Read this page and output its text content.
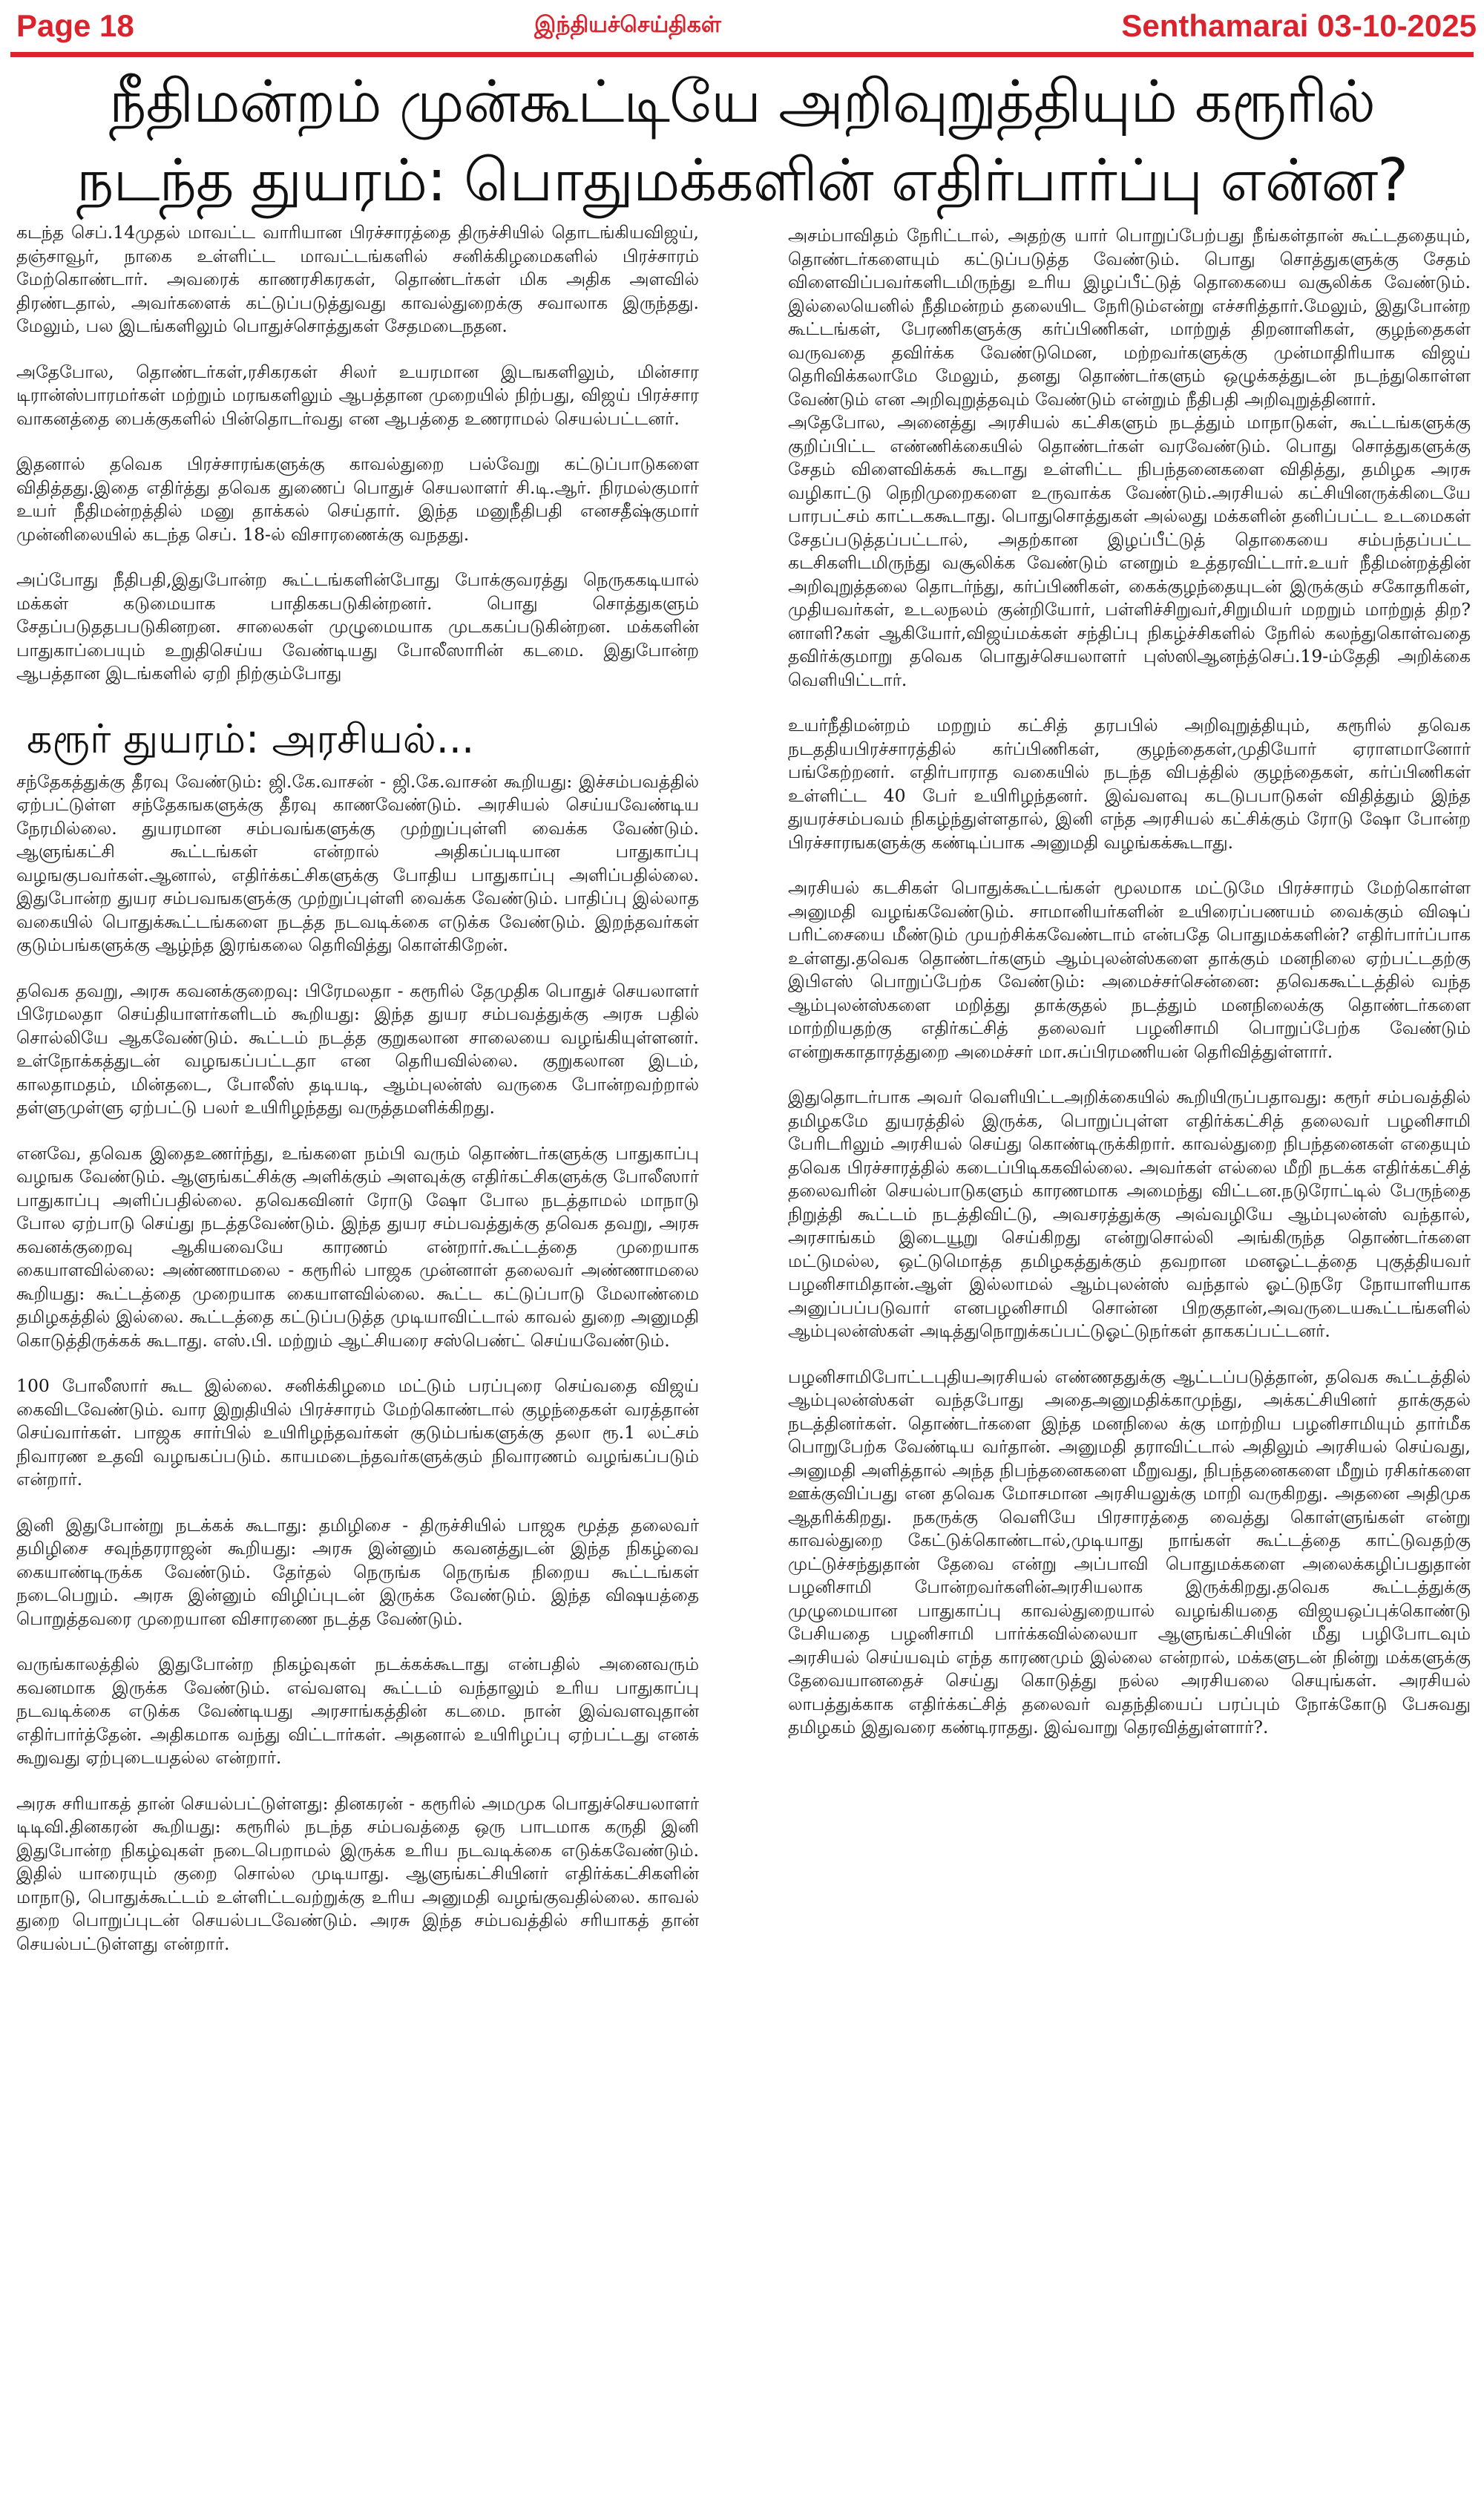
Page 18	இந்தியச்செய்திகள்	Senthamarai 03-10-2025
நீதிமன்றம் முன்கூட்டியே அறிவுறுத்தியும் கரூரில்
நடந்த துயரம்: பொதுமக்களின் எதிர்பார்ப்பு என்ன?

கடந்த செப்.14முதல் மாவட்ட வாரியான பிரச்சாரத்தை திருச்சியில் தொடங்கியவிஜய், தஞ்சாவூர், நாகை உள்ளிட்ட மாவட்டங்களில் சனிக்கிழமைகளில் பிரச்சாரம் மேற்கொண்டார். அவரைக் காணரசிகரகள், தொண்டர்கள் மிக அதிக அளவில் திரண்டதால், அவர்களைக் கட்டுப்படுத்துவது காவல்துறைக்கு சவாலாக இருந்தது. மேலும், பல இடங்களிலும் பொதுச்சொத்துகள் சேதமடைநதன.

அதேபோல, தொண்டர்கள்,ரசிகரகள் சிலர் உயரமான இடஙகளிலும், மின்சார டிரான்ஸ்பாரமர்கள் மற்றும் மரஙகளிலும் ஆபத்தான முறையில் நிற்பது, விஜய் பிரச்சார வாகனத்தை பைக்குகளில் பின்தொடர்வது என ஆபத்தை உணராமல் செயல்பட்டனர்.

இதனால் தவெக பிரச்சாரங்களுக்கு காவல்துறை பல்வேறு கட்டுப்பாடுகளை விதித்தது.இதை எதிர்த்து தவெக துணைப் பொதுச் செயலாளர் சி.டி.ஆர். நிரமல்குமார் உயர் நீதிமன்றத்தில் மனு தாக்கல் செய்தார். இந்த மனுநீதிபதி எனசதீஷ்குமார் முன்னிலையில் கடந்த செப். 18-ல் விசாரணைக்கு வநதது.

அப்போது நீதிபதி,இதுபோன்ற கூட்டங்களின்போது போக்குவரத்து நெருககடியால் மக்கள் கடுமையாக பாதிககபடுகின்றனர். பொது சொத்துகளும் சேதப்படுததபபடுகினறன. சாலைகள் முழுமையாக முடககப்படுகின்றன. மக்களின் பாதுகாப்பையும் உறுதிசெய்ய வேண்டியது போலீஸாரின் கடமை. இதுபோன்ற ஆபத்தான இடங்களில் ஏறி நிற்கும்போது

கரூர் துயரம்: அரசியல்...

சந்தேகத்துக்கு தீரவு வேண்டும்: ஜி.கே.வாசன் - ஜி.கே.வாசன் கூறியது: இச்சம்பவத்தில் ஏற்பட்டுள்ள சந்தேகஙகளுக்கு தீரவு காணவேண்டும். அரசியல் செய்யவேண்டிய நேரமில்லை. துயரமான சம்பவங்களுக்கு முற்றுப்புள்ளி வைக்க வேண்டும். ஆளுங்கட்சி கூட்டங்கள் என்றால் அதிகப்படியான பாதுகாப்பு வழஙகுபவர்கள்.ஆனால், எதிர்க்கட்சிகளுக்கு போதிய பாதுகாப்பு அளிப்பதில்லை. இதுபோன்ற துயர சம்பவஙகளுக்கு முற்றுப்புள்ளி வைக்க வேண்டும். பாதிப்பு இல்லாத வகையில் பொதுக்கூட்டங்களை நடத்த நடவடிக்கை எடுக்க வேண்டும். இறந்தவர்கள் குடும்பங்களுக்கு ஆழ்ந்த இரங்கலை தெரிவித்து கொள்கிறேன்.

தவெக தவறு, அரசு கவனக்குறைவு: பிரேமலதா - கரூரில் தேமுதிக பொதுச் செயலாளர் பிரேமலதா செய்தியாளர்களிடம் கூறியது: இந்த துயர சம்பவத்துக்கு அரசு பதில் சொல்லியே ஆகவேண்டும். கூட்டம் நடத்த குறுகலான சாலையை வழங்கியுள்ளனர். உள்நோக்கத்துடன் வழஙகப்பட்டதா என தெரியவில்லை. குறுகலான இடம், காலதாமதம், மின்தடை, போலீஸ் தடியடி, ஆம்புலன்ஸ் வருகை போன்றவற்றால் தள்ளுமுள்ளு ஏற்பட்டு பலர் உயிரிழந்தது வருத்தமளிக்கிறது.

எனவே, தவெக இதைஉணர்ந்து, உங்களை நம்பி வரும் தொண்டர்களுக்கு பாதுகாப்பு வழஙக வேண்டும். ஆளுங்கட்சிக்கு அளிக்கும் அளவுக்கு எதிர்கட்சிகளுக்கு போலீஸார் பாதுகாப்பு அளிப்பதில்லை. தவெகவினர் ரோடு ஷோ போல நடத்தாமல் மாநாடு போல ஏற்பாடு செய்து நடத்தவேண்டும். இந்த துயர சம்பவத்துக்கு தவெக தவறு, அரசு கவனக்குறைவு ஆகியவையே காரணம் என்றார்.கூட்டத்தை முறையாக கையாளவில்லை: அண்ணாமலை - கரூரில் பாஜக முன்னாள் தலைவர் அண்ணாமலை கூறியது: கூட்டத்தை முறையாக கையாளவில்லை. கூட்ட கட்டுப்பாடு மேலாண்மை தமிழகத்தில் இல்லை. கூட்டத்தை கட்டுப்படுத்த முடியாவிட்டால் காவல் துறை அனுமதி கொடுத்திருக்கக் கூடாது. எஸ்.பி. மற்றும் ஆட்சியரை சஸ்பெண்ட் செய்யவேண்டும்.

100 போலீஸார் கூட இல்லை. சனிக்கிழமை மட்டும் பரப்புரை செய்வதை விஜய் கைவிடவேண்டும். வார இறுதியில் பிரச்சாரம் மேற்கொண்டால் குழந்தைகள் வரத்தான் செய்வார்கள். பாஜக சார்பில் உயிரிழந்தவர்கள் குடும்பங்களுக்கு தலா ரூ.1 லட்சம் நிவாரண உதவி வழஙகப்படும். காயமடைந்தவர்களுக்கும் நிவாரணம் வழங்கப்படும் என்றார்.

இனி இதுபோன்று நடக்கக் கூடாது: தமிழிசை - திருச்சியில் பாஜக மூத்த தலைவர் தமிழிசை சவுந்தரராஜன் கூறியது: அரசு இன்னும் கவனத்துடன் இந்த நிகழ்வை கையாண்டிருக்க வேண்டும். தேர்தல் நெருங்க நெருங்க நிறைய கூட்டங்கள் நடைபெறும். அரசு இன்னும் விழிப்புடன் இருக்க வேண்டும். இந்த விஷயத்தை பொறுத்தவரை முறையான விசாரணை நடத்த வேண்டும்.

வருங்காலத்தில் இதுபோன்ற நிகழ்வுகள் நடக்கக்கூடாது என்பதில் அனைவரும் கவனமாக இருக்க வேண்டும். எவ்வளவு கூட்டம் வந்தாலும் உரிய பாதுகாப்பு நடவடிக்கை எடுக்க வேண்டியது அரசாங்கத்தின் கடமை. நான் இவ்வளவுதான் எதிர்பார்த்தேன். அதிகமாக வந்து விட்டார்கள். அதனால் உயிரிழப்பு ஏற்பட்டது எனக் கூறுவது ஏற்புடையதல்ல என்றார்.

அரசு சரியாகத் தான் செயல்பட்டுள்ளது: தினகரன் - கரூரில் அமமுக பொதுச்செயலாளர் டிடிவி.தினகரன் கூறியது: கரூரில் நடந்த சம்பவத்தை ஒரு பாடமாக கருதி இனி இதுபோன்ற நிகழ்வுகள் நடைபெறாமல் இருக்க உரிய நடவடிக்கை எடுக்கவேண்டும். இதில் யாரையும் குறை சொல்ல முடியாது. ஆளுங்கட்சியினர் எதிர்க்கட்சிகளின் மாநாடு, பொதுக்கூட்டம் உள்ளிட்டவற்றுக்கு உரிய அனுமதி வழங்குவதில்லை. காவல் துறை பொறுப்புடன் செயல்படவேண்டும். அரசு இந்த சம்பவத்தில் சரியாகத் தான் செயல்பட்டுள்ளது என்றார்.

அசம்பாவிதம் நேரிட்டால், அதற்கு யார் பொறுப்பேற்பது நீங்கள்தான் கூட்டததையும், தொண்டர்களையும் கட்டுப்படுத்த வேண்டும். பொது சொத்துகளுக்கு சேதம் விளைவிப்பவர்களிடமிருந்து உரிய இழப்பீட்டுத் தொகையை வசூலிக்க வேண்டும். இல்லையெனில் நீதிமன்றம் தலையிட நேரிடும்என்று எச்சரித்தார்.மேலும், இதுபோன்ற கூட்டங்கள், பேரணிகளுக்கு கர்ப்பிணிகள், மாற்றுத் திறனாளிகள், குழந்தைகள் வருவதை தவிர்க்க வேண்டுமென, மற்றவர்களுக்கு முன்மாதிரியாக விஜய் தெரிவிக்கலாமே மேலும், தனது தொண்டர்களும் ஒழுக்கத்துடன் நடந்துகொள்ள வேண்டும் என அறிவுறுத்தவும் வேண்டும் என்றும் நீதிபதி அறிவுறுத்தினார்.

அதேபோல, அனைத்து அரசியல் கட்சிகளும் நடத்தும் மாநாடுகள், கூட்டங்களுக்கு குறிப்பிட்ட எண்ணிக்கையில் தொண்டர்கள் வரவேண்டும். பொது சொத்துகளுக்கு சேதம் விளைவிக்கக் கூடாது உள்ளிட்ட நிபந்தனைகளை விதித்து, தமிழக அரசு வழிகாட்டு நெறிமுறைகளை உருவாக்க வேண்டும்.அரசியல் கட்சியினருக்கிடையே பாரபட்சம் காட்டககூடாது. பொதுசொத்துகள் அல்லது மக்களின் தனிப்பட்ட உடமைகள் சேதப்படுத்தப்பட்டால், அதற்கான இழப்பீட்டுத் தொகையை சம்பந்தப்பட்ட கடசிகளிடமிருந்து வசூலிக்க வேண்டும் எனறும் உத்தரவிட்டார்.உயர் நீதிமன்றத்தின் அறிவுறுத்தலை தொடர்ந்து, கர்ப்பிணிகள், கைக்குழந்தையுடன் இருக்கும் சகோதரிகள், முதியவர்கள், உடலநலம் குன்றியோர், பள்ளிச்சிறுவர்,சிறுமியர் மறறும் மாற்றுத் திற?னாளி?கள் ஆகியோர்,விஜய்மக்கள் சந்திப்பு நிகழ்ச்சிகளில் நேரில் கலந்துகொள்வதை தவிர்க்குமாறு தவெக பொதுச்செயலாளர் புஸ்ஸிஆனந்த்செப்.19-ம்தேதி அறிக்கை வெளியிட்டார்.

உயர்நீதிமன்றம் மறறும் கட்சித் தரபபில் அறிவுறுத்தியும், கரூரில் தவெக நடததியபிரச்சாரத்தில் கர்ப்பிணிகள், குழந்தைகள்,முதியோர் ஏராளமானோர் பங்கேற்றனர். எதிர்பாராத வகையில் நடந்த விபத்தில் குழந்தைகள், கர்ப்பிணிகள் உள்ளிட்ட 40 பேர் உயிரிழந்தனர். இவ்வளவு கடடுபபாடுகள் விதித்தும் இந்த துயரச்சம்பவம் நிகழ்ந்துள்ளதால், இனி எந்த அரசியல் கட்சிக்கும் ரோடு ஷோ போன்ற பிரச்சாரஙகளுக்கு கண்டிப்பாக அனுமதி வழங்கக்கூடாது.

அரசியல் கடசிகள் பொதுக்கூட்டங்கள் மூலமாக மட்டுமே பிரச்சாரம் மேற்கொள்ள அனுமதி வழங்கவேண்டும். சாமானியர்களின் உயிரைப்பணயம் வைக்கும் விஷப் பரிட்சையை மீண்டும் முயற்சிக்கவேண்டாம் என்பதே பொதுமக்களின்? எதிர்பார்ப்பாக உள்ளது.தவெக தொண்டர்களும் ஆம்புலன்ஸ்களை தாக்கும் மனநிலை ஏற்பட்டதற்கு இபிஎஸ் பொறுப்பேற்க வேண்டும்: அமைச்சர்சென்னை: தவெககூட்டத்தில் வந்த ஆம்புலன்ஸ்களை மறித்து தாக்குதல் நடத்தும் மனநிலைக்கு தொண்டர்களை மாற்றியதற்கு எதிர்கட்சித் தலைவர் பழனிசாமி பொறுப்பேற்க வேண்டும் என்றுசுகாதாரத்துறை அமைச்சர் மா.சுப்பிரமணியன் தெரிவித்துள்ளார்.

இதுதொடர்பாக அவர் வெளியிட்டஅறிக்கையில் கூறியிருப்பதாவது: கரூர் சம்பவத்தில் தமிழகமே துயரத்தில் இருக்க, பொறுப்புள்ள எதிர்க்கட்சித் தலைவர் பழனிசாமி பேரிடரிலும் அரசியல் செய்து கொண்டிருக்கிறார். காவல்துறை நிபந்தனைகள் எதையும் தவெக பிரச்சாரத்தில் கடைப்பிடிககவில்லை. அவர்கள் எல்லை மீறி நடக்க எதிர்க்கட்சித் தலைவரின் செயல்பாடுகளும் காரணமாக அமைந்து விட்டன.நடுரோட்டில் பேருந்தை நிறுத்தி கூட்டம் நடத்திவிட்டு, அவசரத்துக்கு அவ்வழியே ஆம்புலன்ஸ் வந்தால், அரசாங்கம் இடையூறு செய்கிறது என்றுசொல்லி அங்கிருந்த தொண்டர்களை மட்டுமல்ல, ஒட்டுமொத்த தமிழகத்துக்கும் தவறான மனஓட்டத்தை புகுத்தியவர் பழனிசாமிதான்.ஆள் இல்லாமல் ஆம்புலன்ஸ் வந்தால் ஓட்டுநரே நோயாளியாக அனுப்பப்படுவார் எனபழனிசாமி சொன்ன பிறகுதான்,அவருடையகூட்டங்களில் ஆம்புலன்ஸ்கள் அடித்துநொறுக்கப்பட்டுஓட்டுநர்கள் தாககப்பட்டனர்.

பழனிசாமிபோட்டபுதியஅரசியல் எண்ணததுக்கு ஆட்டப்படுத்தான், தவெக கூட்டத்தில் ஆம்புலன்ஸ்கள் வந்தபோது அதைஅனுமதிக்காமுந்து, அக்கட்சியினர் தாக்குதல் நடத்தினர்கள். தொண்டர்களை இந்த மனநிலை க்கு மாற்றிய பழனிசாமியும் தார்மீக பொறுபேற்க வேண்டிய வர்தான். அனுமதி தராவிட்டால் அதிலும் அரசியல் செய்வது, அனுமதி அளித்தால் அந்த நிபந்தனைகளை மீறுவது, நிபந்தனைகளை மீறும் ரசிகர்களை ஊக்குவிப்பது என தவெக மோசமான அரசியலுக்கு மாறி வருகிறது. அதனை அதிமுக ஆதரிக்கிறது. நகருக்கு வெளியே பிரசாரத்தை வைத்து கொள்ளுங்கள் என்று காவல்துறை கேட்டுக்கொண்டால்,முடியாது நாங்கள் கூட்டத்தை காட்டுவதற்கு முட்டுச்சந்துதான் தேவை என்று அப்பாவி பொதுமக்களை அலைக்கழிப்பதுதான் பழனிசாமி போன்றவர்களின்அரசியலாக இருக்கிறது.தவெக கூட்டத்துக்கு முழுமையான பாதுகாப்பு காவல்துறையால் வழங்கியதை விஜயஒப்புக்கொண்டு பேசியதை பழனிசாமி பார்க்கவில்லையா ஆளுங்கட்சியின் மீது பழிபோடவும் அரசியல் செய்யவும் எந்த காரணமும் இல்லை என்றால், மக்களுடன் நின்று மக்களுக்கு தேவையானதைச் செய்து கொடுத்து நல்ல அரசியலை செயுங்கள். அரசியல் லாபத்துக்காக எதிர்க்கட்சித் தலைவர் வதந்தியைப் பரப்பும் நோக்கோடு பேசுவது தமிழகம் இதுவரை கண்டிராதது. இவ்வாறு தெரவித்துள்ளார்?.
